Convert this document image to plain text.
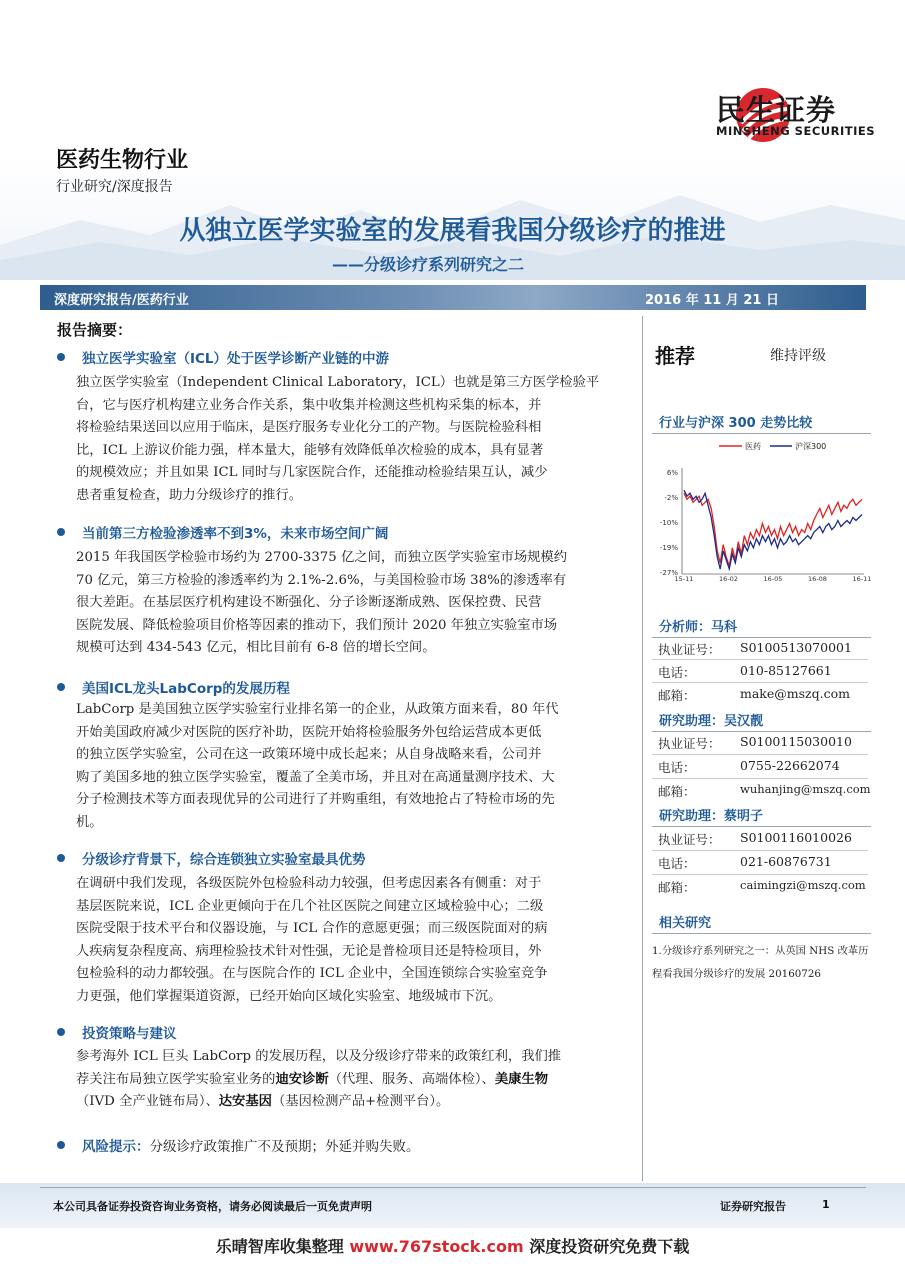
民生证券
MINSHENG SECURITIES
医药生物行业
行业研究/深度报告
从独立医学实验室的发展看我国分级诊疗的推进
——分级诊疗系列研究之二
深度研究报告/医药行业	2016 年 11 月 21 日
报告摘要：
独立医学实验室（ICL）处于医学诊断产业链的中游
独立医学实验室（Independent Clinical Laboratory，ICL）也就是第三方医学检验平
台，它与医疗机构建立业务合作关系，集中收集并检测这些机构采集的标本，并
将检验结果送回以应用于临床，是医疗服务专业化分工的产物。与医院检验科相
比，ICL 上游议价能力强，样本量大，能够有效降低单次检验的成本，具有显著
的规模效应；并且如果 ICL 同时与几家医院合作，还能推动检验结果互认，减少
患者重复检查，助力分级诊疗的推行。
当前第三方检验渗透率不到3%，未来市场空间广阔
2015 年我国医学检验市场约为 2700-3375 亿之间，而独立医学实验室市场规模约
70 亿元，第三方检验的渗透率约为 2.1%-2.6%，与美国检验市场 38%的渗透率有
很大差距。在基层医疗机构建设不断强化、分子诊断逐渐成熟、医保控费、民营
医院发展、降低检验项目价格等因素的推动下，我们预计 2020 年独立实验室市场
规模可达到 434-543 亿元，相比目前有 6-8 倍的增长空间。
美国ICL龙头LabCorp的发展历程
LabCorp 是美国独立医学实验室行业排名第一的企业，从政策方面来看，80 年代
开始美国政府减少对医院的医疗补助，医院开始将检验服务外包给运营成本更低
的独立医学实验室，公司在这一政策环境中成长起来；从自身战略来看，公司并
购了美国多地的独立医学实验室，覆盖了全美市场，并且对在高通量测序技术、大
分子检测技术等方面表现优异的公司进行了并购重组，有效地抢占了特检市场的先
机。
分级诊疗背景下，综合连锁独立实验室最具优势
在调研中我们发现，各级医院外包检验科动力较强，但考虑因素各有侧重：对于
基层医院来说，ICL 企业更倾向于在几个社区医院之间建立区域检验中心；二级
医院受限于技术平台和仪器设施，与 ICL 合作的意愿更强；而三级医院面对的病
人疾病复杂程度高、病理检验技术针对性强，无论是普检项目还是特检项目，外
包检验科的动力都较强。在与医院合作的 ICL 企业中，全国连锁综合实验室竞争
力更强，他们掌握渠道资源，已经开始向区域化实验室、地级城市下沉。
投资策略与建议
参考海外 ICL 巨头 LabCorp 的发展历程，以及分级诊疗带来的政策红利，我们推
荐关注布局独立医学实验室业务的迪安诊断（代理、服务、高端体检）、美康生物
（IVD 全产业链布局）、达安基因（基因检测产品+检测平台）。
风险提示：分级诊疗政策推广不及预期；外延并购失败。
推荐	维持评级
行业与沪深 300 走势比较
医药	沪深300
6%
-2%
-10%
-19%
-27%
15-11	16-02	16-05	16-08	16-11
分析师：马科
执业证号： S0100513070001
电话：	010-85127661
邮箱：	make@mszq.com
研究助理：吴汉靓
执业证号： S0100115030010
电话：	0755-22662074
邮箱：	wuhanjing@mszq.com
研究助理：蔡明子
执业证号： S0100116010026
电话：	021-60876731
邮箱：	caimingzi@mszq.com
相关研究
1.分级诊疗系列研究之一：从英国 NHS 改革历程看我国分级诊疗的发展 20160726
本公司具备证券投资咨询业务资格，请务必阅读最后一页免责声明	证券研究报告	1
乐晴智库收集整理 www.767stock.com 深度投资研究免费下载
